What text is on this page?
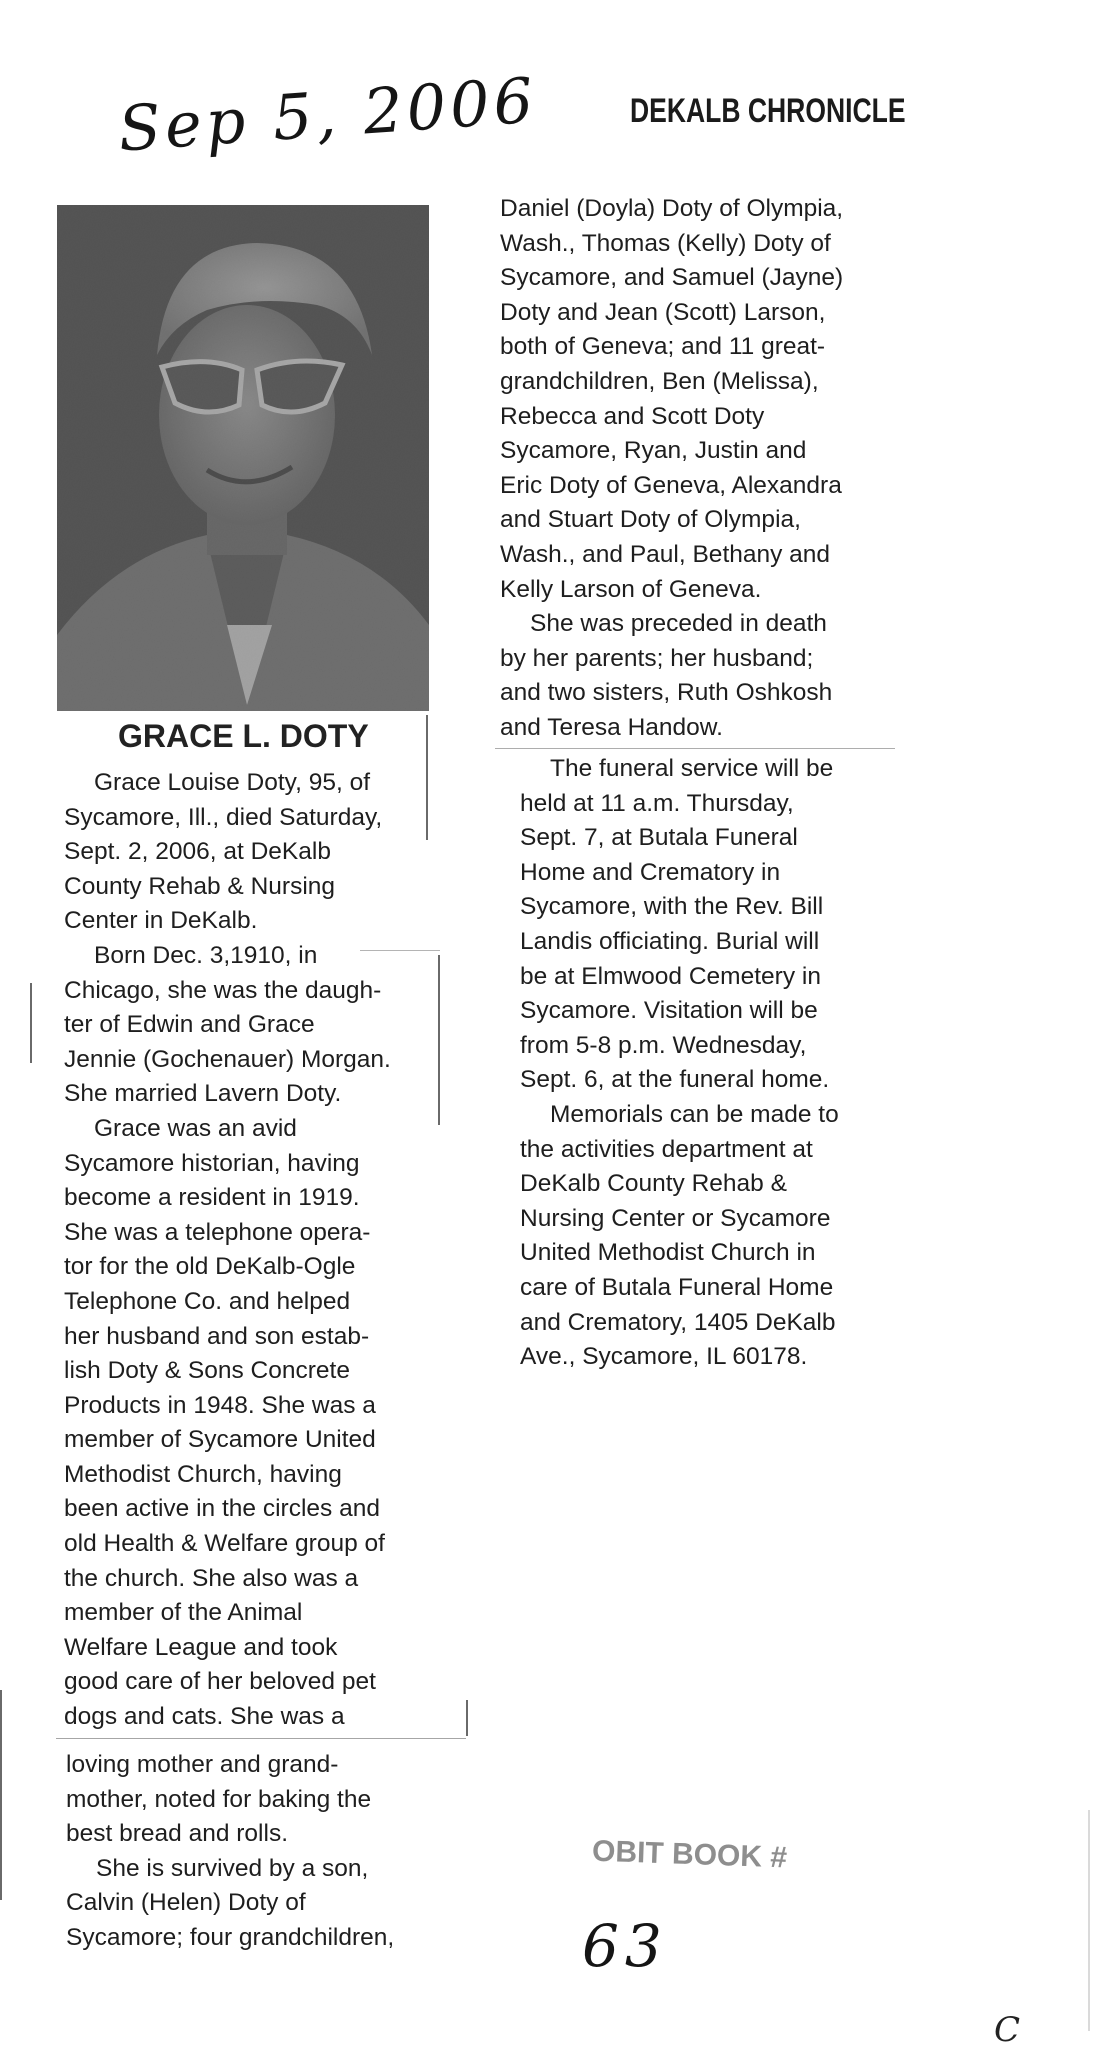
Sep 5, 2006	DEKALB CHRONICLE
GRACE L. DOTY
Grace Louise Doty, 95, of
Sycamore, Ill., died Saturday,
Sept. 2, 2006, at DeKalb
County Rehab & Nursing
Center in DeKalb.
Born Dec. 3,1910, in
Chicago, she was the daugh-
ter of Edwin and Grace
Jennie (Gochenauer) Morgan.
She married Lavern Doty.
Grace was an avid
Sycamore historian, having
become a resident in 1919.
She was a telephone opera-
tor for the old DeKalb-Ogle
Telephone Co. and helped
her husband and son estab-
lish Doty & Sons Concrete
Products in 1948. She was a
member of Sycamore United
Methodist Church, having
been active in the circles and
old Health & Welfare group of
the church. She also was a
member of the Animal
Welfare League and took
good care of her beloved pet
dogs and cats. She was a
loving mother and grand-
mother, noted for baking the
best bread and rolls.
She is survived by a son,
Calvin (Helen) Doty of
Sycamore; four grandchildren,
Daniel (Doyla) Doty of Olympia,
Wash., Thomas (Kelly) Doty of
Sycamore, and Samuel (Jayne)
Doty and Jean (Scott) Larson,
both of Geneva; and 11 great-
grandchildren, Ben (Melissa),
Rebecca and Scott Doty
Sycamore, Ryan, Justin and
Eric Doty of Geneva, Alexandra
and Stuart Doty of Olympia,
Wash., and Paul, Bethany and
Kelly Larson of Geneva.
She was preceded in death
by her parents; her husband;
and two sisters, Ruth Oshkosh
and Teresa Handow.
The funeral service will be
held at 11 a.m. Thursday,
Sept. 7, at Butala Funeral
Home and Crematory in
Sycamore, with the Rev. Bill
Landis officiating. Burial will
be at Elmwood Cemetery in
Sycamore. Visitation will be
from 5-8 p.m. Wednesday,
Sept. 6, at the funeral home.
Memorials can be made to
the activities department at
DeKalb County Rehab &
Nursing Center or Sycamore
United Methodist Church in
care of Butala Funeral Home
and Crematory, 1405 DeKalb
Ave., Sycamore, IL 60178.
OBIT BOOK #
63
C
